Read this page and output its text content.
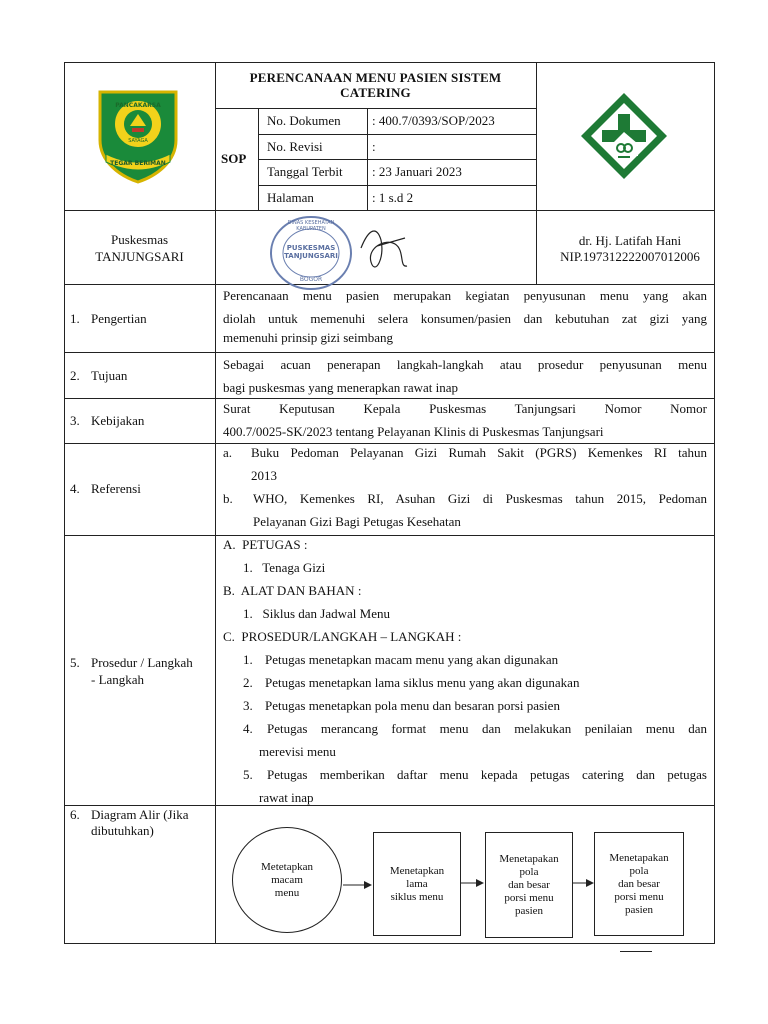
PANCAKARSA
SAYAGA
TEGAR BERIMAN
PERENCANAAN MENU PASIEN SISTEM
CATERING
SOP
No. Dokumen : 400.7/0393/SOP/2023
No. Revisi	:
Tanggal Terbit : 23 Januari 2023
Halaman	: 1 s.d 2
Puskesmas
TANJUNGSARI
DINAS KESEHATAN KABUPATEN
PUSKESMAS
TANJUNGSARI
BOGOR
dr. Hj. Latifah Hani
NIP.197312222007012006
1. Pengertian

Perencanaan menu pasien merupakan kegiatan penyusunan menu yang akan

diolah untuk memenuhi selera konsumen/pasien dan kebutuhan zat gizi yang

memenuhi prinsip gizi seimbang

2. Tujuan

Sebagai acuan penerapan langkah-langkah atau prosedur penyusunan menu

bagi puskesmas yang menerapkan rawat inap

3. Kebijakan

Surat Keputusan Kepala Puskesmas Tanjungsari Nomor Nomor

400.7/0025-SK/2023 tentang Pelayanan Klinis di Puskesmas Tanjungsari

4. Referensi
a. Buku Pedoman Pelayanan Gizi Rumah Sakit (PGRS) Kemenkes RI tahun
2013
b. WHO, Kemenkes RI, Asuhan Gizi di Puskesmas tahun 2015, Pedoman
Pelayanan Gizi Bagi Petugas Kesehatan
5. Prosedur / Langkah
- Langkah
A.  PETUGAS :
1.   Tenaga Gizi
B.  ALAT DAN BAHAN :
1.   Siklus dan Jadwal Menu
C.  PROSEDUR/LANGKAH – LANGKAH :
1. Petugas menetapkan macam menu yang akan digunakan
2. Petugas menetapkan lama siklus menu yang akan digunakan
3. Petugas menetapkan pola menu dan besaran porsi pasien
4. Petugas merancang format menu dan melakukan penilaian menu dan
merevisi menu
5. Petugas memberikan daftar menu kepada petugas catering dan petugas
rawat inap
6. Diagram Alir (Jika
dibutuhkan)
Metetapkan
macam
menu
Menetapkan
lama
siklus menu
Menetapakan
pola
dan besar
porsi menu
pasien
Menetapakan
pola
dan besar
porsi menu
pasien
